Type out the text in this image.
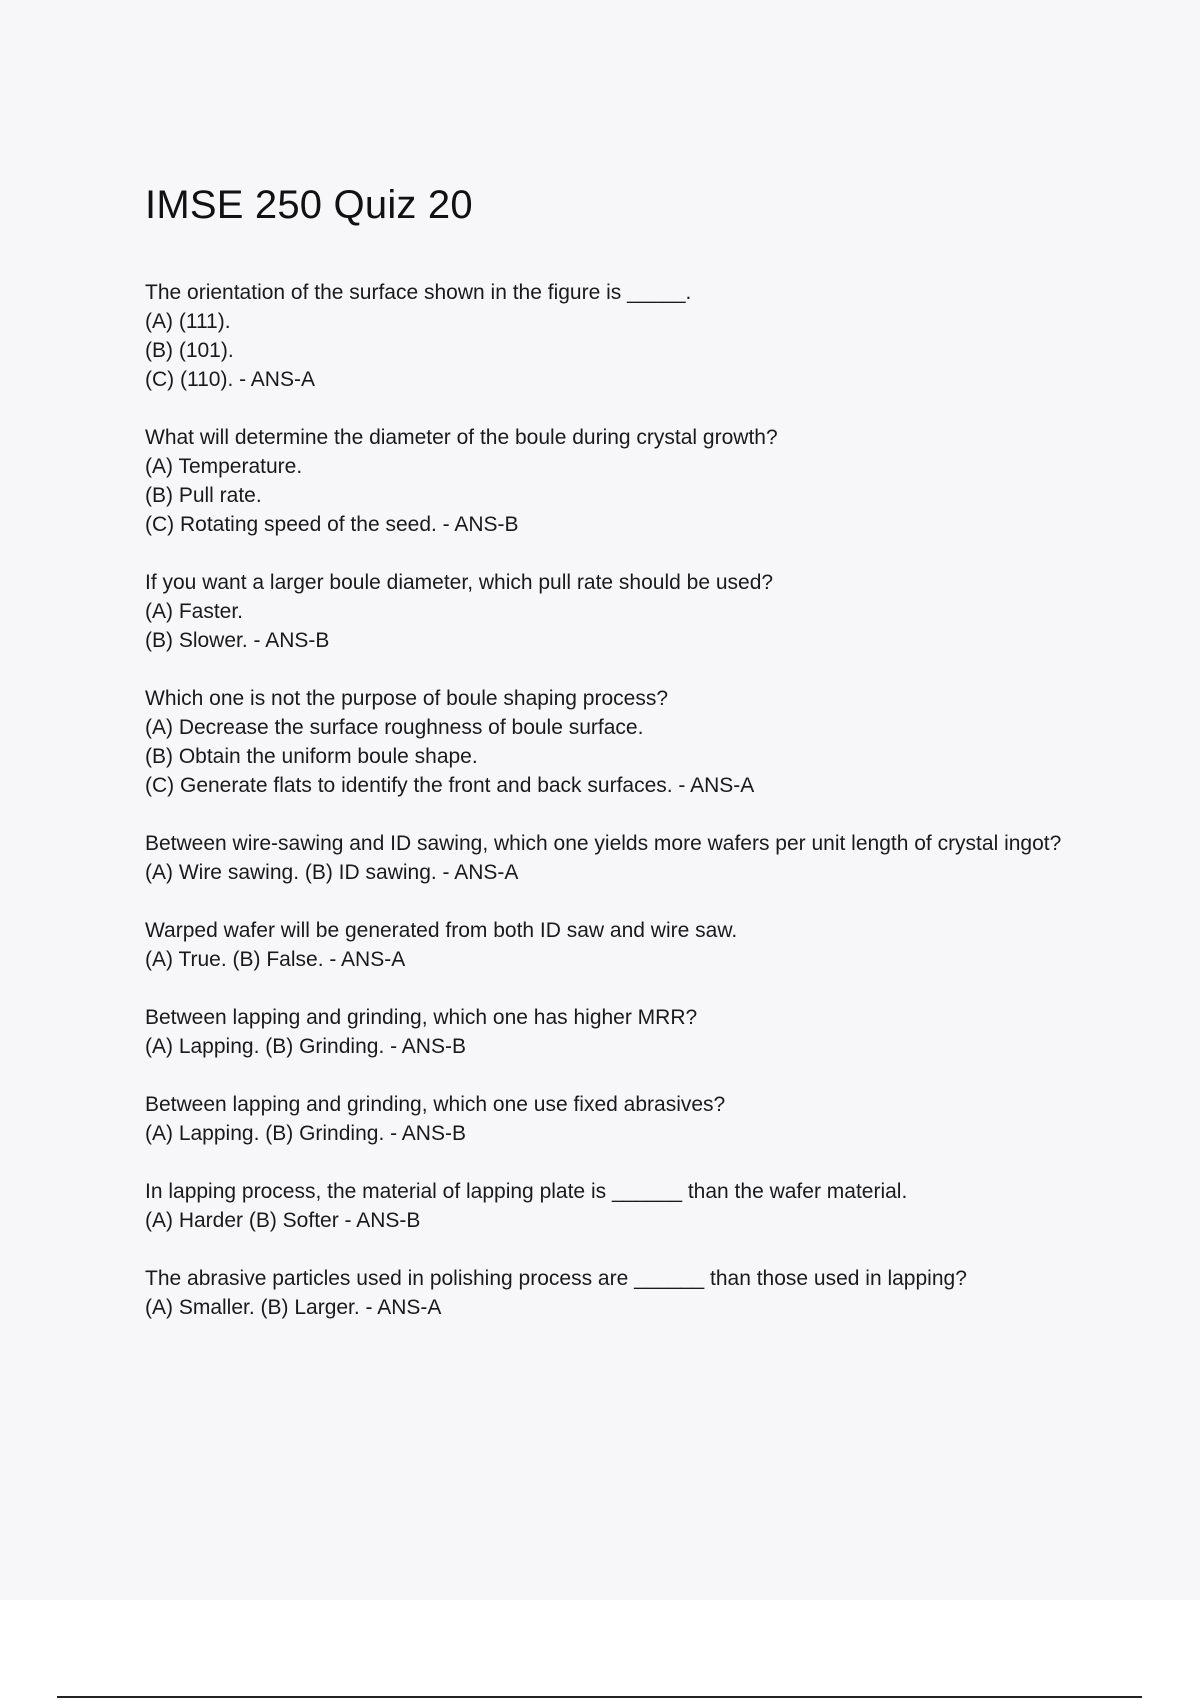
IMSE 250 Quiz 20
The orientation of the surface shown in the figure is _____.
(A) (111).
(B) (101).
(C) (110). - ANS-A
What will determine the diameter of the boule during crystal growth?
(A) Temperature.
(B) Pull rate.
(C) Rotating speed of the seed. - ANS-B
If you want a larger boule diameter, which pull rate should be used?
(A) Faster.
(B) Slower. - ANS-B
Which one is not the purpose of boule shaping process?
(A) Decrease the surface roughness of boule surface.
(B) Obtain the uniform boule shape.
(C) Generate flats to identify the front and back surfaces. - ANS-A
Between wire-sawing and ID sawing, which one yields more wafers per unit length of crystal ingot?
(A) Wire sawing. (B) ID sawing. - ANS-A
Warped wafer will be generated from both ID saw and wire saw.
(A) True. (B) False. - ANS-A
Between lapping and grinding, which one has higher MRR?
(A) Lapping. (B) Grinding. - ANS-B
Between lapping and grinding, which one use fixed abrasives?
(A) Lapping. (B) Grinding. - ANS-B
In lapping process, the material of lapping plate is ______ than the wafer material.
(A) Harder (B) Softer - ANS-B
The abrasive particles used in polishing process are ______ than those used in lapping?
(A) Smaller. (B) Larger. - ANS-A
